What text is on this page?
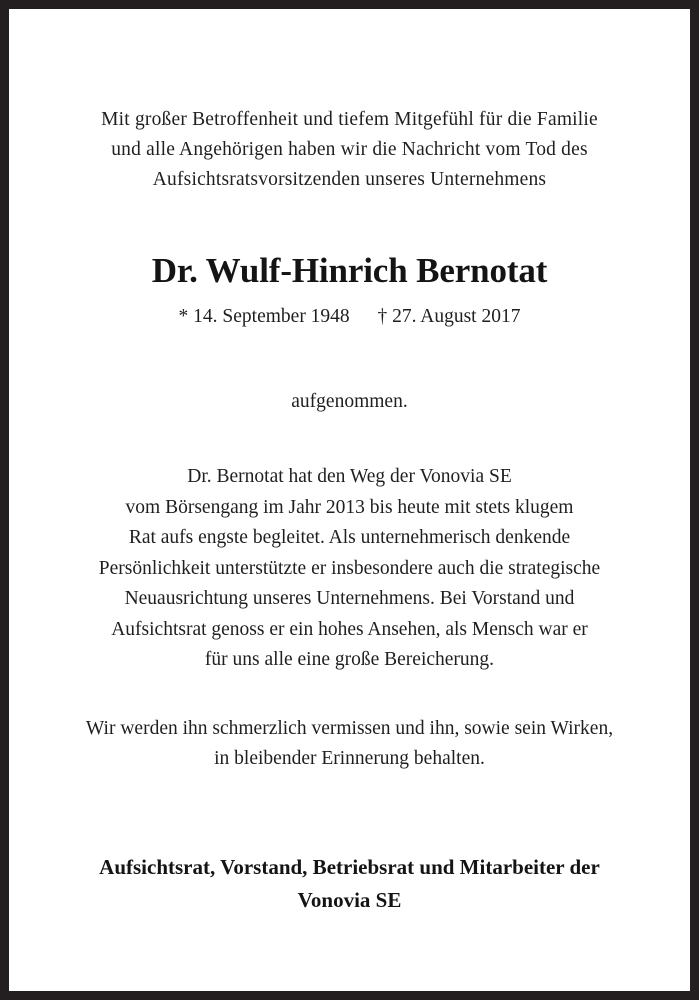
Mit großer Betroffenheit und tiefem Mitgefühl für die Familie
und alle Angehörigen haben wir die Nachricht vom Tod des
Aufsichtsratsvorsitzenden unseres Unternehmens
Dr. Wulf-Hinrich Bernotat
* 14. September 1948 † 27. August 2017
aufgenommen.
Dr. Bernotat hat den Weg der Vonovia SE
vom Börsengang im Jahr 2013 bis heute mit stets klugem
Rat aufs engste begleitet. Als unternehmerisch denkende
Persönlichkeit unterstützte er insbesondere auch die strategische
Neuausrichtung unseres Unternehmens. Bei Vorstand und
Aufsichtsrat genoss er ein hohes Ansehen, als Mensch war er
für uns alle eine große Bereicherung.
Wir werden ihn schmerzlich vermissen und ihn, sowie sein Wirken,
in bleibender Erinnerung behalten.
Aufsichtsrat, Vorstand, Betriebsrat und Mitarbeiter der
Vonovia SE
